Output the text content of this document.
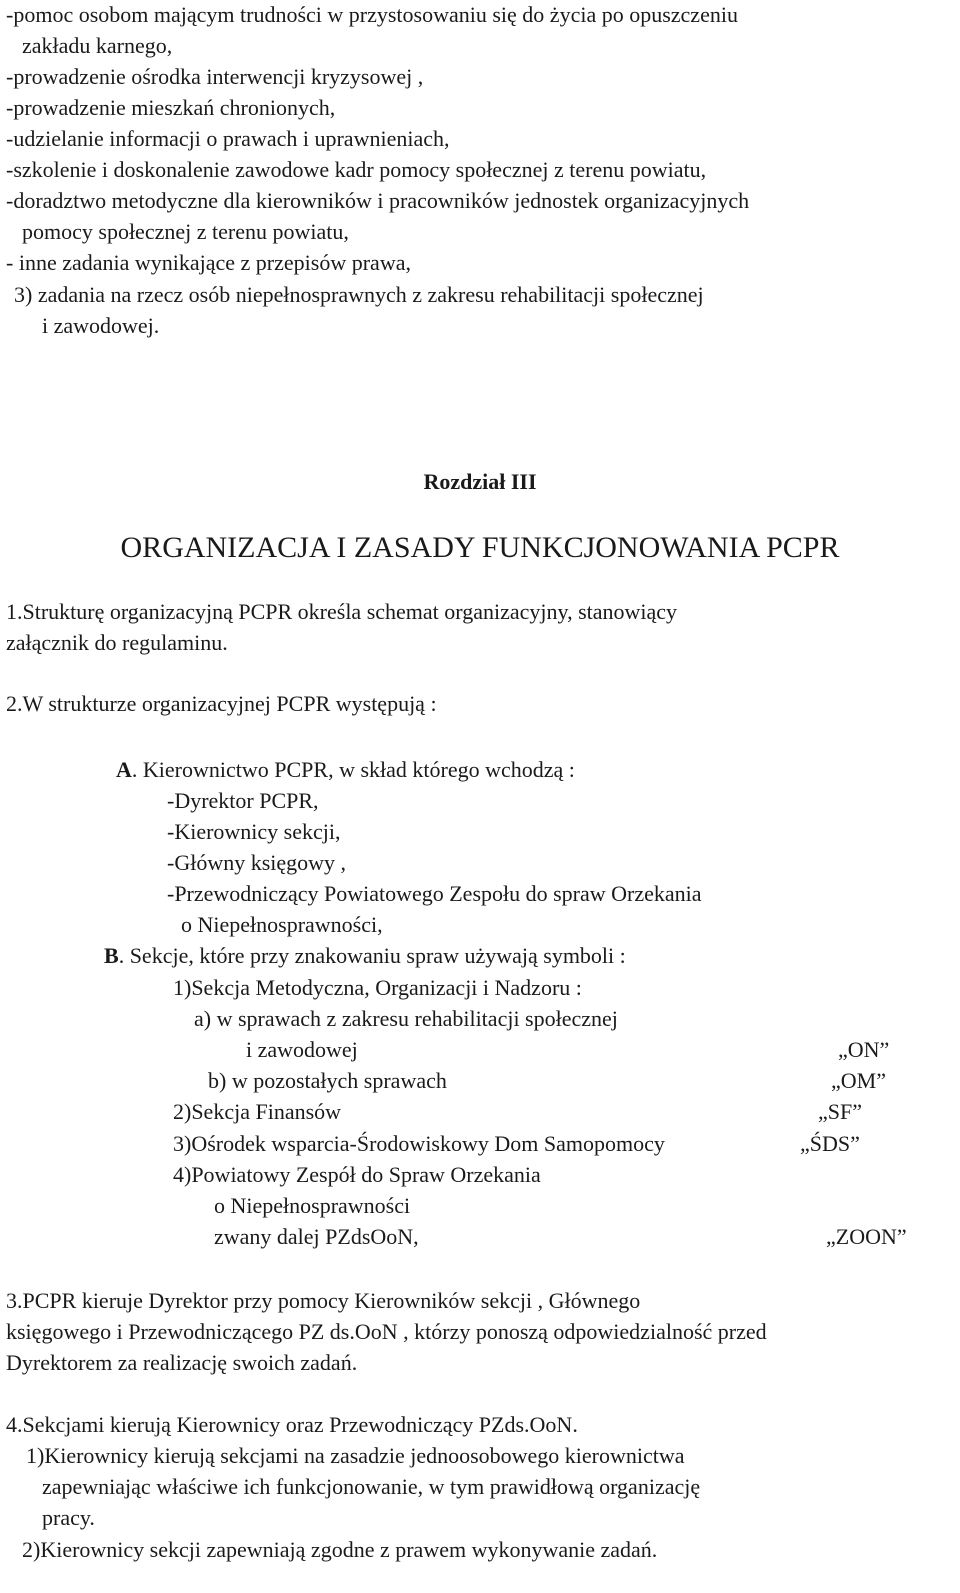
-pomoc osobom mającym trudności w przystosowaniu się do życia po opuszczeniu
zakładu karnego,
-prowadzenie ośrodka interwencji kryzysowej ,
-prowadzenie mieszkań chronionych,
-udzielanie informacji o prawach i uprawnieniach,
-szkolenie i doskonalenie zawodowe kadr pomocy społecznej z terenu powiatu,
-doradztwo metodyczne dla kierowników i pracowników jednostek organizacyjnych
pomocy społecznej z terenu powiatu,
- inne zadania wynikające z przepisów prawa,
3) zadania na rzecz osób niepełnosprawnych z zakresu rehabilitacji społecznej
i zawodowej.
Rozdział III
ORGANIZACJA I ZASADY FUNKCJONOWANIA PCPR
1.Strukturę organizacyjną PCPR określa schemat organizacyjny, stanowiący
załącznik do regulaminu.
2.W strukturze organizacyjnej PCPR występują :
A. Kierownictwo PCPR, w skład którego wchodzą :
-Dyrektor PCPR,
-Kierownicy sekcji,
-Główny księgowy ,
-Przewodniczący Powiatowego Zespołu do spraw Orzekania
o Niepełnosprawności,
B. Sekcje, które przy znakowaniu spraw używają symboli :
1)Sekcja Metodyczna, Organizacji i Nadzoru :
a) w sprawach z zakresu rehabilitacji społecznej
i zawodowej	„ON”
b) w pozostałych sprawach	„OM”
2)Sekcja Finansów	„SF”
3)Ośrodek wsparcia-Środowiskowy Dom Samopomocy	„ŚDS”
4)Powiatowy Zespół do Spraw Orzekania
o Niepełnosprawności
zwany dalej PZdsOoN,	„ZOON”
3.PCPR kieruje Dyrektor przy pomocy Kierowników sekcji , Głównego
księgowego i Przewodniczącego PZ ds.OoN , którzy ponoszą odpowiedzialność przed
Dyrektorem za realizację swoich zadań.
4.Sekcjami kierują Kierownicy oraz Przewodniczący PZds.OoN.
1)Kierownicy kierują sekcjami na zasadzie jednoosobowego kierownictwa
zapewniając właściwe ich funkcjonowanie, w tym prawidłową organizację
pracy.
2)Kierownicy sekcji zapewniają zgodne z prawem wykonywanie zadań.
